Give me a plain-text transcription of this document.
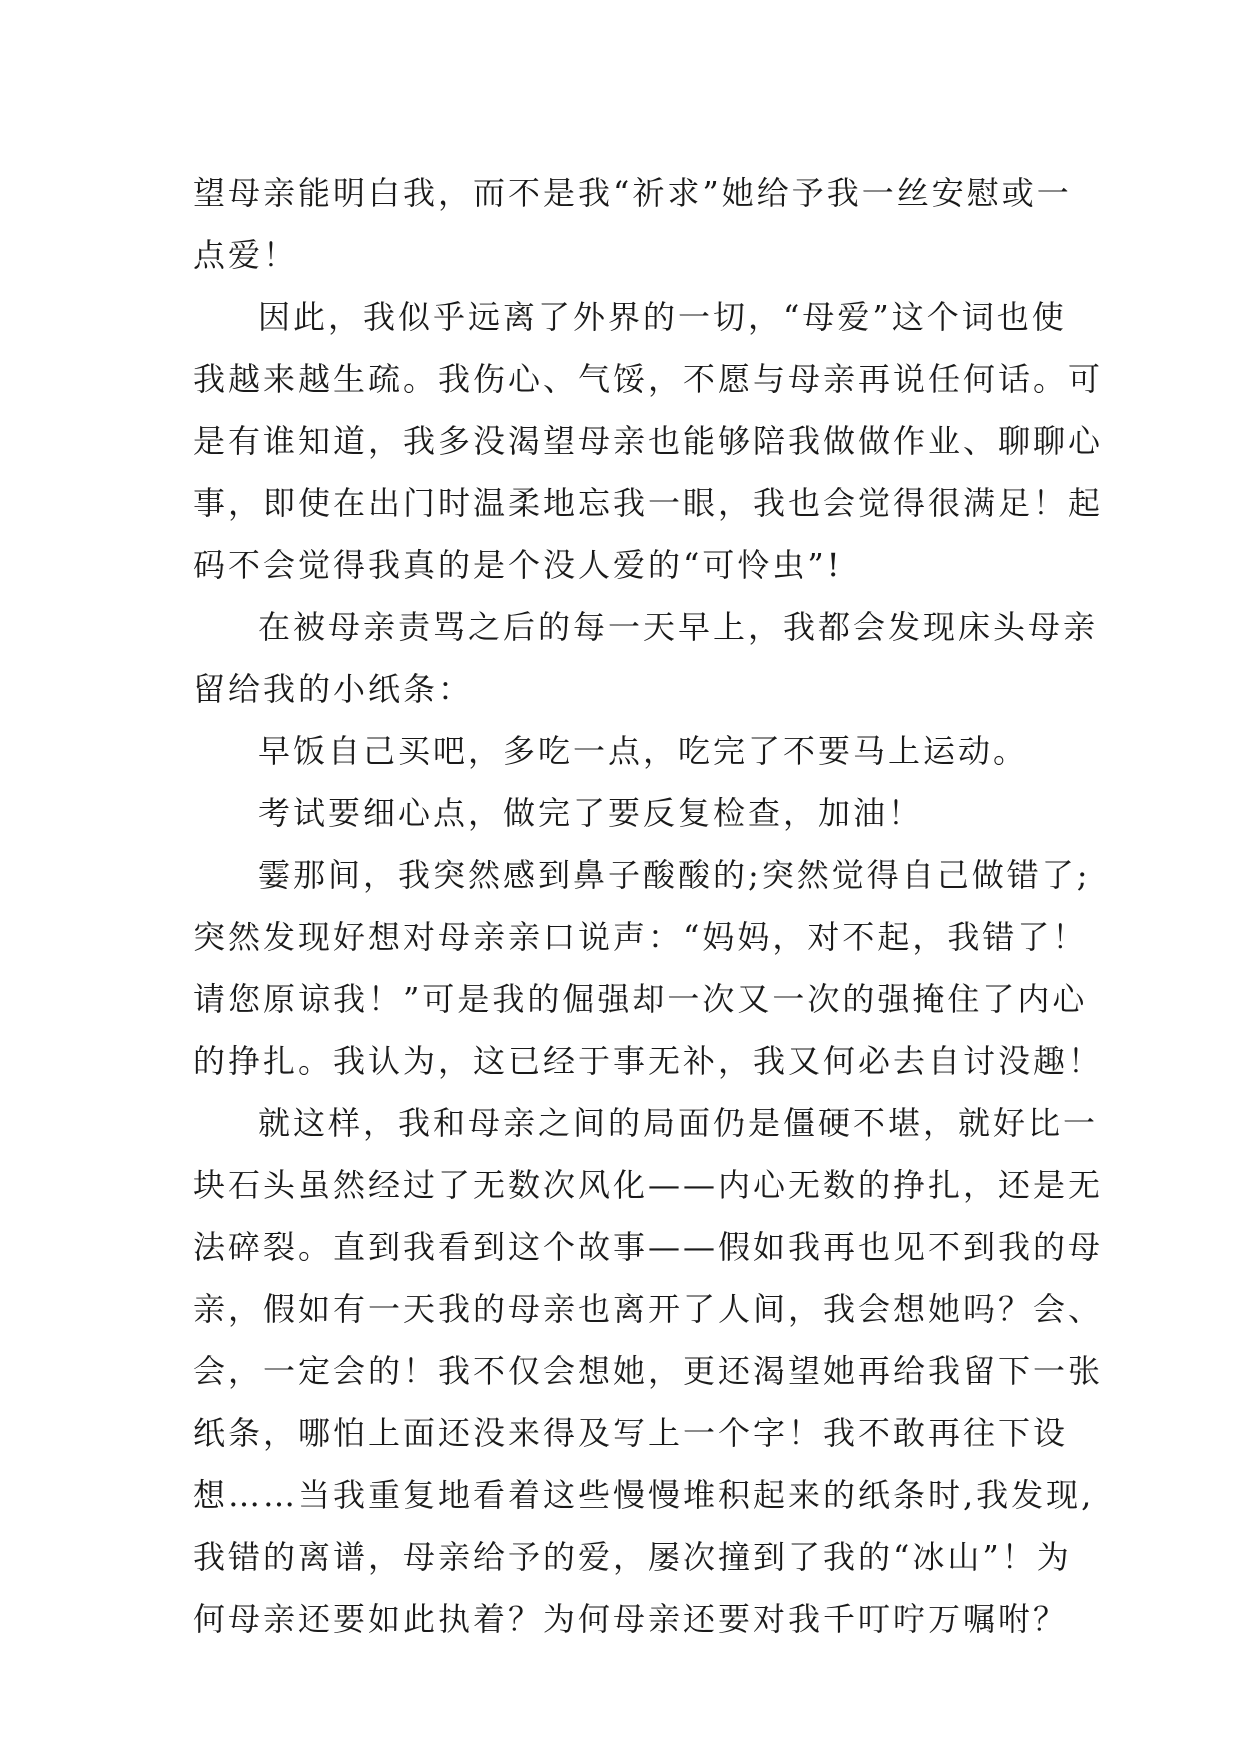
望母亲能明白我，而不是我“祈求”她给予我一丝安慰或一
点爱！
因此，我似乎远离了外界的一切，“母爱”这个词也使
我越来越生疏。我伤心、气馁，不愿与母亲再说任何话。可
是有谁知道，我多没渴望母亲也能够陪我做做作业、聊聊心
事，即使在出门时温柔地忘我一眼，我也会觉得很满足！起
码不会觉得我真的是个没人爱的“可怜虫”!
在被母亲责骂之后的每一天早上，我都会发现床头母亲
留给我的小纸条：
早饭自己买吧，多吃一点，吃完了不要马上运动。
考试要细心点，做完了要反复检查，加油！
霎那间，我突然感到鼻子酸酸的;突然觉得自己做错了;
突然发现好想对母亲亲口说声：“妈妈，对不起，我错了！
请您原谅我！”可是我的倔强却一次又一次的强掩住了内心
的挣扎。我认为，这已经于事无补，我又何必去自讨没趣！
就这样，我和母亲之间的局面仍是僵硬不堪，就好比一
块石头虽然经过了无数次风化——内心无数的挣扎，还是无
法碎裂。直到我看到这个故事——假如我再也见不到我的母
亲，假如有一天我的母亲也离开了人间，我会想她吗？会、
会，一定会的！我不仅会想她，更还渴望她再给我留下一张
纸条，哪怕上面还没来得及写上一个字！我不敢再往下设
想……当我重复地看着这些慢慢堆积起来的纸条时,我发现,
我错的离谱，母亲给予的爱，屡次撞到了我的“冰山”！为
何母亲还要如此执着？为何母亲还要对我千叮咛万嘱咐？
